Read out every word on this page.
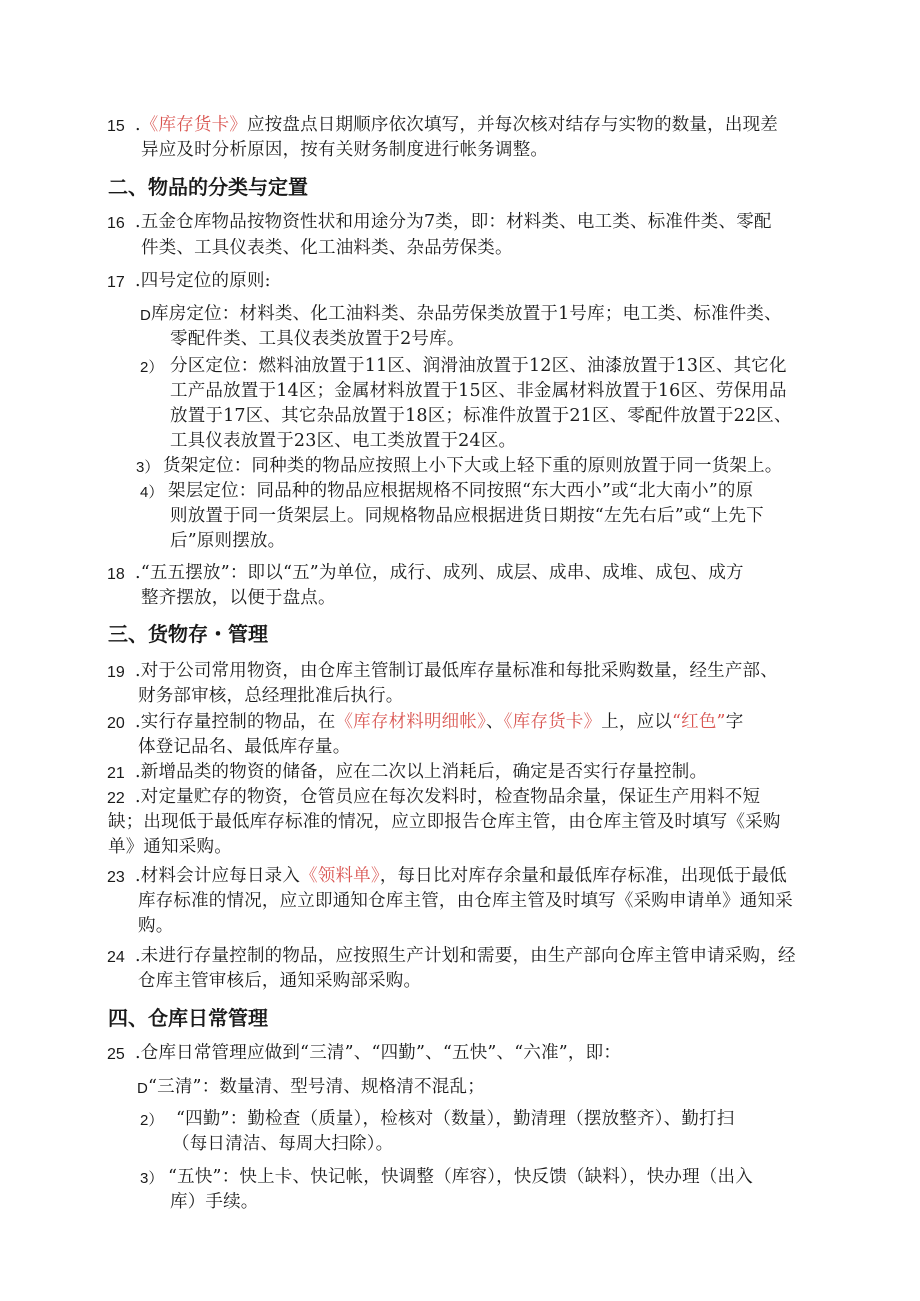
15 .《库存货卡》应按盘点日期顺序依次填写，并每次核对结存与实物的数量，出现差
异应及时分析原因，按有关财务制度进行帐务调整。
二、物品的分类与定置
16 .五金仓库物品按物资性状和用途分为7类，即：材料类、电工类、标准件类、零配
件类、工具仪表类、化工油料类、杂品劳保类。
17 .四号定位的原则:
D 库房定位：材料类、化工油料类、杂品劳保类放置于1号库；电工类、标准件类、
零配件类、工具仪表类放置于2号库。
2） 分区定位：燃料油放置于11区、润滑油放置于12区、油漆放置于13区、其它化
工产品放置于14区；金属材料放置于15区、非金属材料放置于16区、劳保用品
放置于17区、其它杂品放置于18区；标准件放置于21区、零配件放置于22区、
工具仪表放置于23区、电工类放置于24区。
3） 货架定位：同种类的物品应按照上小下大或上轻下重的原则放置于同一货架上。
4） 架层定位：同品种的物品应根据规格不同按照“东大西小”或“北大南小”的原
则放置于同一货架层上。同规格物品应根据进货日期按“左先右后”或“上先下
后”原则摆放。
18 .“五五摆放”：即以“五”为单位，成行、成列、成层、成串、成堆、成包、成方
整齐摆放，以便于盘点。
三、货物存・管理
19 .对于公司常用物资，由仓库主管制订最低库存量标准和每批采购数量，经生产部、
财务部审核，总经理批准后执行。
20 .实行存量控制的物品，在《库存材料明细帐》、《库存货卡》上，应以“红色”字
体登记品名、最低库存量。
21 .新增品类的物资的储备，应在二次以上消耗后，确定是否实行存量控制。
22 .对定量贮存的物资，仓管员应在每次发料时，检查物品余量，保证生产用料不短
缺；出现低于最低库存标准的情况，应立即报告仓库主管，由仓库主管及时填写《采购
单》通知采购。
23 .材料会计应每日录入《领料单》，每日比对库存余量和最低库存标准，出现低于最低
库存标准的情况，应立即通知仓库主管，由仓库主管及时填写《采购申请单》通知采
购。
24 .未进行存量控制的物品，应按照生产计划和需要，由生产部向仓库主管申请采购，经
仓库主管审核后，通知采购部采购。
四、仓库日常管理
25 .仓库日常管理应做到“三清”、“四勤”、“五快”、“六准”，即：
D “三清”：数量清、型号清、规格清不混乱；
2） “四勤”：勤检查（质量），检核对（数量），勤清理（摆放整齐）、勤打扫
（每日清洁、每周大扫除）。
3） “五快”：快上卡、快记帐，快调整（库容），快反馈（缺料），快办理（出入
库）手续。
